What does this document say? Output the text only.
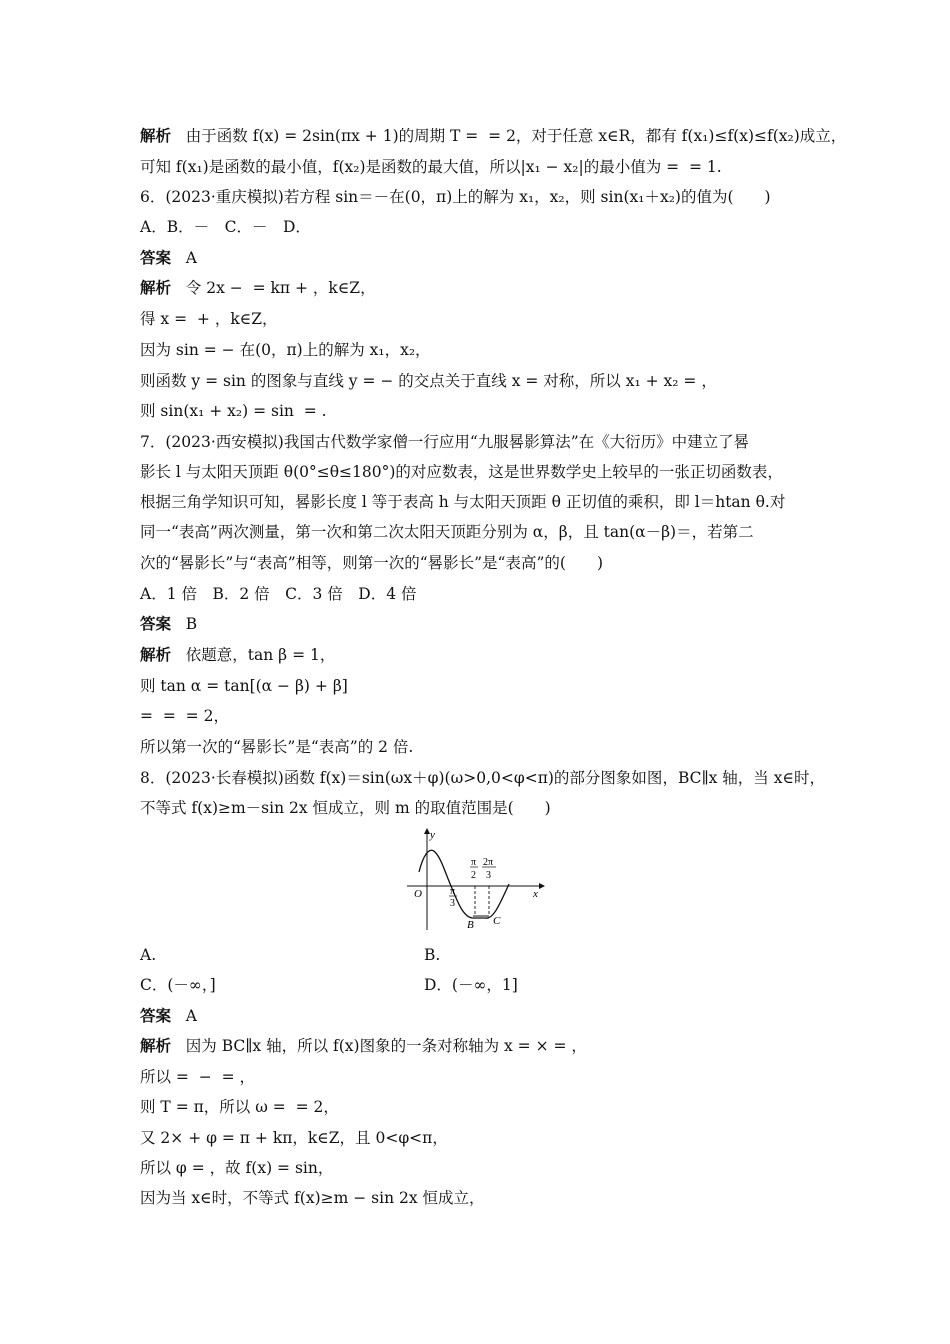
解析   由于函数 f(x) = 2sin(πx + 1)的周期 T =  = 2，对于任意 x∈R，都有 f(x₁)≤f(x)≤f(x₂)成立，
可知 f(x₁)是函数的最小值，f(x₂)是函数的最大值，所以|x₁ − x₂|的最小值为 =  = 1.
6．(2023·重庆模拟)若方程 sin＝－在(0，π)上的解为 x₁，x₂，则 sin(x₁＋x₂)的值为(　　)
A．B．－　C．－　D．
答案   A
解析   令 2x −  = kπ + ，k∈Z，
得 x =  + ，k∈Z，
因为 sin = − 在(0，π)上的解为 x₁，x₂，
则函数 y = sin 的图象与直线 y = − 的交点关于直线 x = 对称，所以 x₁ + x₂ = ，
则 sin(x₁ + x₂) = sin  = .
7．(2023·西安模拟)我国古代数学家僧一行应用“九服晷影算法”在《大衍历》中建立了晷
影长 l 与太阳天顶距 θ(0°≤θ≤180°)的对应数表，这是世界数学史上较早的一张正切函数表，
根据三角学知识可知，晷影长度 l 等于表高 h 与太阳天顶距 θ 正切值的乘积，即 l＝htan θ.对
同一“表高”两次测量，第一次和第二次太阳天顶距分别为 α，β，且 tan(α－β)＝，若第二
次的“晷影长”与“表高”相等，则第一次的“晷影长”是“表高”的(　　)
A．1 倍　B．2 倍　C．3 倍　D．4 倍
答案   B
解析   依题意，tan β = 1，
则 tan α = tan[(α − β) + β]
=  =  = 2，
所以第一次的“晷影长”是“表高”的 2 倍.
8．(2023·长春模拟)函数 f(x)＝sin(ωx＋φ)(ω>0,0<φ<π)的部分图象如图，BC∥x 轴，当 x∈时，
不等式 f(x)≥m－sin 2x 恒成立，则 m 的取值范围是(　　)
y
x
O
B C
π
3
π
2
2π
3
A.	B.
C．(－∞，]	D．(－∞，1]
答案   A
解析   因为 BC∥x 轴，所以 f(x)图象的一条对称轴为 x = × = ，
所以 =  −  = ，
则 T = π，所以 ω =  = 2，
又 2× + φ = π + kπ，k∈Z，且 0<φ<π，
所以 φ = ，故 f(x) = sin，
因为当 x∈时，不等式 f(x)≥m − sin 2x 恒成立，
